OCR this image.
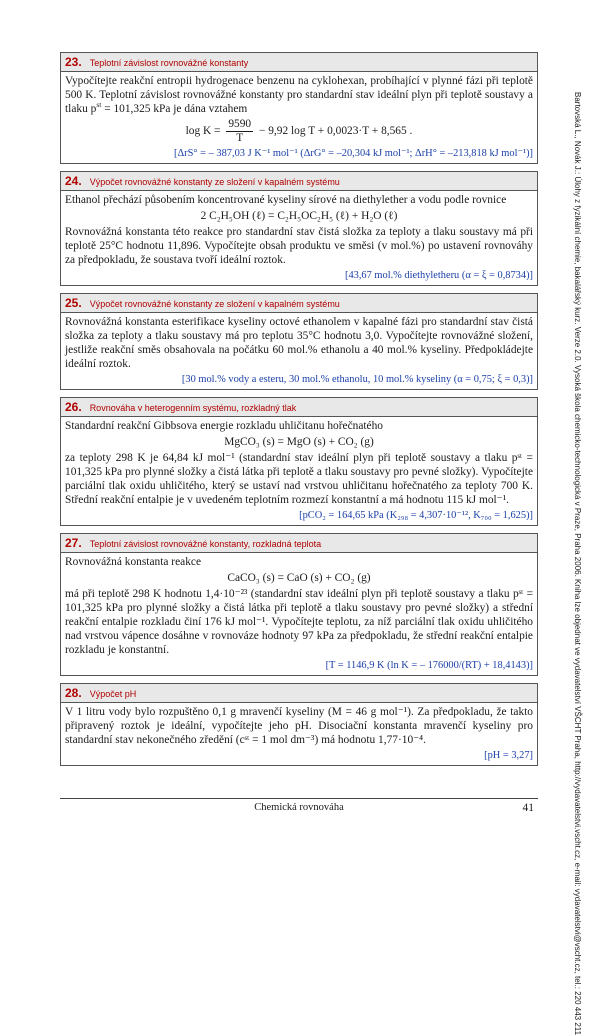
23. Teplotní závislost rovnovážné konstanty

Vypočítejte reakční entropii hydrogenace benzenu na cyklohexan, probíhající v plynné fázi při teplotě 500 K. Teplotní závislost rovnovážné konstanty pro standardní stav ideální plyn při teplotě soustavy a tlaku $p^{st} = 101,325$ kPa je dána vztahem

$\log K = \frac{9590}{T} - 9,92$ log T + 0,0023·T + 8,565 .
[ΔrS° = – 387,03 J K⁻¹ mol⁻¹ (ΔrG° = –20,304 kJ mol⁻¹; ΔrH° = –213,818 kJ mol⁻¹)]
24. Výpočet rovnovážné konstanty ze složení v kapalném systému

Ethanol přechází působením koncentrované kyseliny sírové na diethylether a vodu podle rovnice

2 C₂H₅OH (ℓ) = C₂H₅OC₂H₅ (ℓ) + H₂O (ℓ)

Rovnovážná konstanta této reakce pro standardní stav čistá složka za teploty a tlaku soustavy má při teplotě 25°C hodnotu 11,896. Vypočítejte obsah produktu ve směsi (v mol.%) po ustavení rovnováhy za předpokladu, že soustava tvoří ideální roztok.

[43,67 mol.% diethyletheru (α = ξ = 0,8734)]
25. Výpočet rovnovážné konstanty ze složení v kapalném systému

Rovnovážná konstanta esterifikace kyseliny octové ethanolem v kapalné fázi pro standardní stav čistá složka za teploty a tlaku soustavy má pro teplotu 35°C hodnotu 3,0. Vypočítejte rovnovážné složení, jestliže reakční směs obsahovala na počátku 60 mol.% ethanolu a 40 mol.% kyseliny. Předpokládejte ideální roztok.

[30 mol.% vody a esteru, 30 mol.% ethanolu, 10 mol.% kyseliny (α = 0,75; ξ = 0,3)]
26. Rovnováha v heterogenním systému, rozkladný tlak

Standardní reakční Gibbsova energie rozkladu uhličitanu hořečnatého

MgCO₃ (s) = MgO (s) + CO₂ (g)

za teploty 298 K je 64,84 kJ mol⁻¹ (standardní stav ideální plyn při teplotě soustavy a tlaku pˢᵗ = 101,325 kPa pro plynné složky a čistá látka při teplotě a tlaku soustavy pro pevné složky). Vypočítejte parciální tlak oxidu uhličitého, který se ustaví nad vrstvou uhličitanu hořečnatého za teploty 700 K. Střední reakční entalpie je v uvedeném teplotním rozmezí konstantní a má hodnotu 115 kJ mol⁻¹.

[pCO₂ = 164,65 kPa (K₂₉₈ = 4,307·10⁻¹², K₇₀₀ = 1,625)]
27. Teplotní závislost rovnovážné konstanty, rozkladná teplota

Rovnovážná konstanta reakce

CaCO₃ (s) = CaO (s) + CO₂ (g)

má při teplotě 298 K hodnotu 1,4·10⁻²³ (standardní stav ideální plyn při teplotě soustavy a tlaku pˢᵗ = 101,325 kPa pro plynné složky a čistá látka při teplotě a tlaku soustavy pro pevné složky) a střední reakční entalpie rozkladu činí 176 kJ mol⁻¹. Vypočítejte teplotu, za níž parciální tlak oxidu uhličitého nad vrstvou vápence dosáhne v rovnováze hodnoty 97 kPa za předpokladu, že střední reakční entalpie rozkladu je konstantní.

[T = 1146,9 K (ln K = – 176000/(RT) + 18,4143)]
28. Výpočet pH

V 1 litru vody bylo rozpuštěno 0,1 g mravenčí kyseliny (M = 46 g mol⁻¹). Za předpokladu, že takto připravený roztok je ideální, vypočítejte jeho pH. Disociační konstanta mravenčí kyseliny pro standardní stav nekonečného zředění (cˢᵗ = 1 mol dm⁻³) má hodnotu 1,77·10⁻⁴.

[pH = 3,27]	Bartovská L., Novák J.: Úlohy z fyzikální chemie, bakalářský kurz. Verze 2.0. Vysoká škola chemicko-technologická v Praze, Praha 2006. Kniha lze objednat ve vydavatelství VŠCHT Praha, http://vydavatelstvi.vscht.cz, e-mail: vydavatelstvi@vscht.cz, tel.: 220 443 211
Chemická rovnováha	41
